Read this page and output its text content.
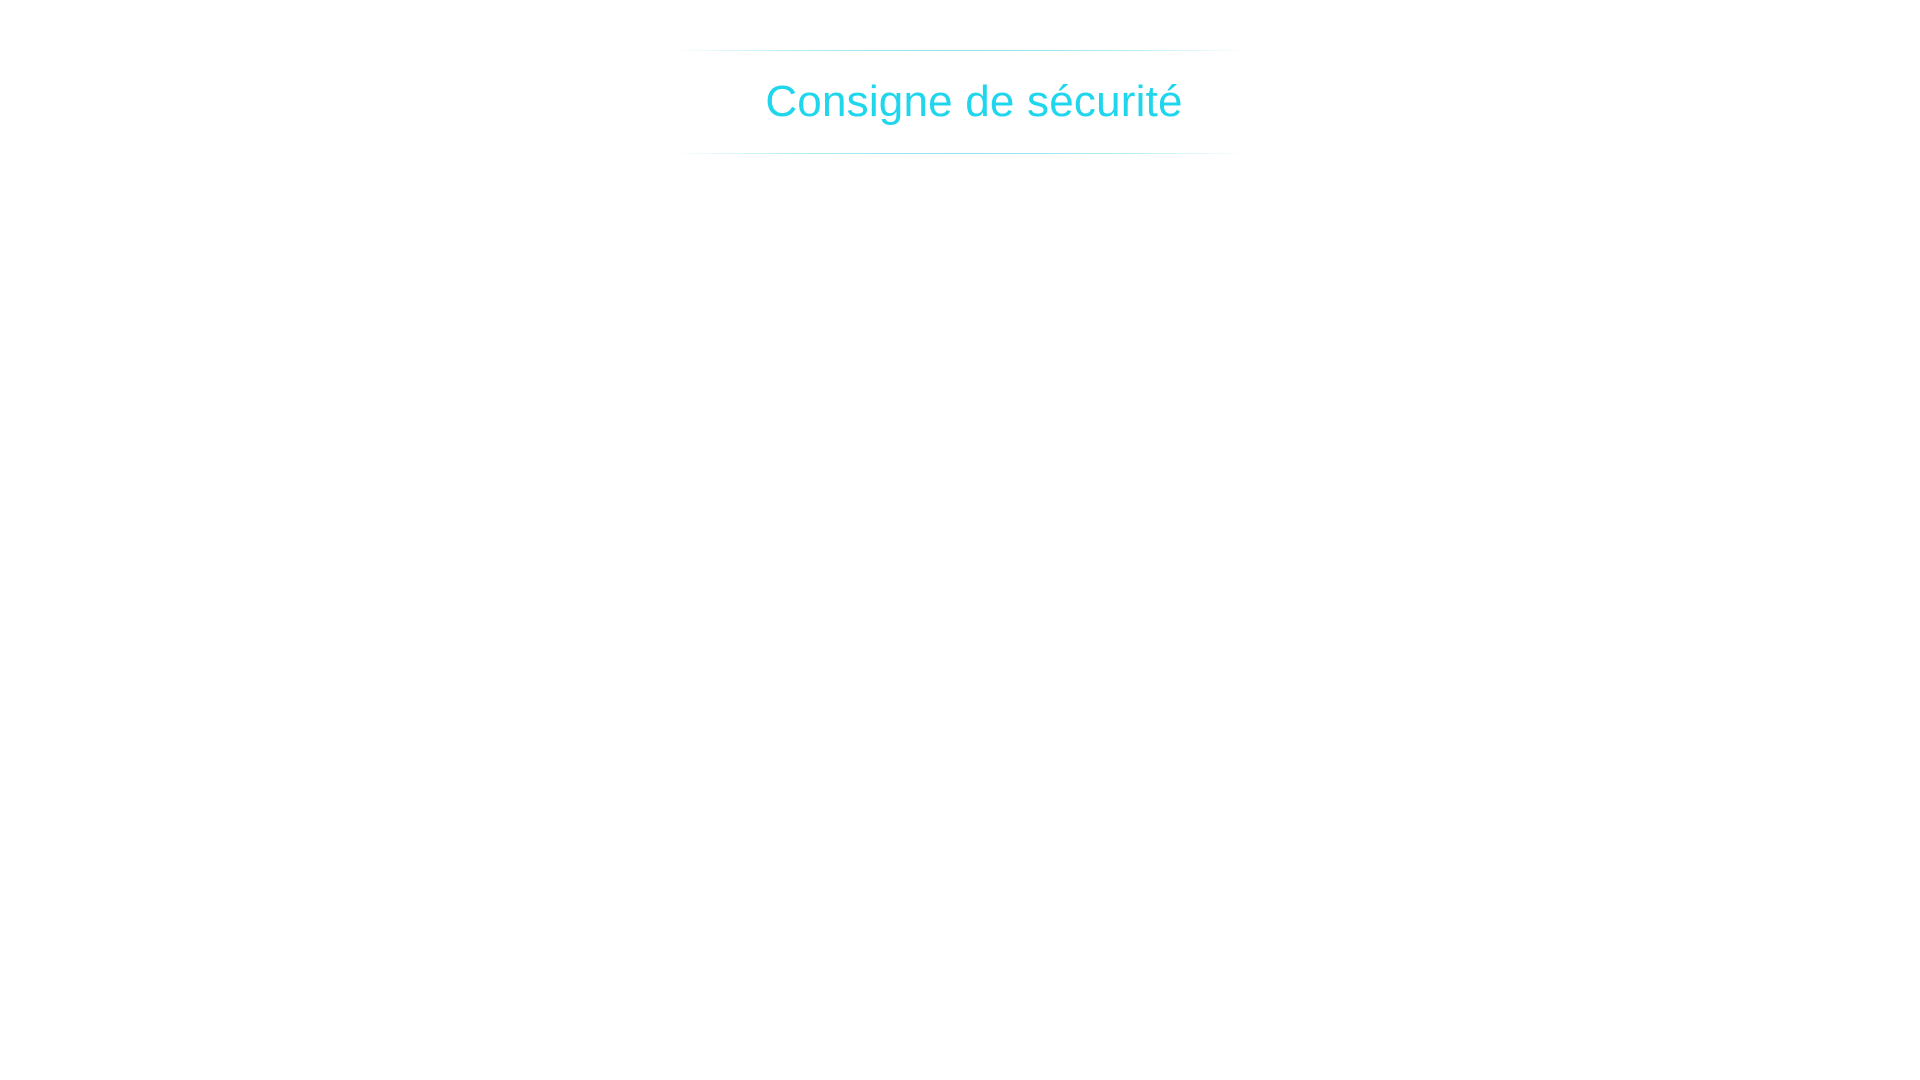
Consigne de sécurité
